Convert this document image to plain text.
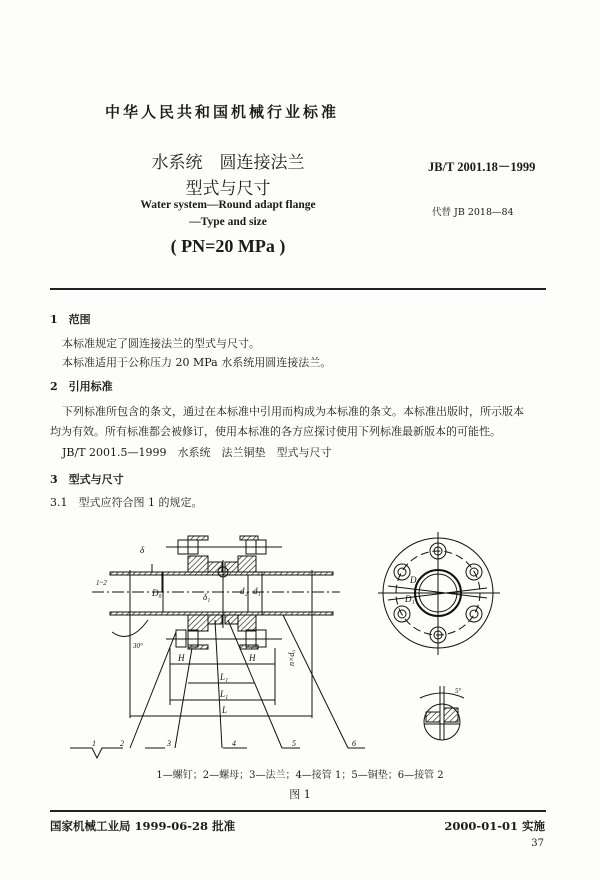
中华人民共和国机械行业标准
水系统　圆连接法兰
型式与尺寸
JB/T 2001.18－1999
代替 JB 2018—84
Water system—Round adapt flange
—Type and size
( PN=20 MPa )
1　范围
本标准规定了圆连接法兰的型式与尺寸。
本标准适用于公称压力 20 MPa 水系统用圆连接法兰。
2　引用标准
下列标准所包含的条文，通过在本标准中引用而构成为本标准的条文。本标准出版时，所示版本
均为有效。所有标准都会被修订，使用本标准的各方应探讨使用下列标准最新版本的可能性。
JB/T 2001.5—1999　水系统　法兰铜垫　型式与尺寸
3　型式与尺寸
3.1　型式应符合图 1 的规定。
δ
1~2
D₀	δ₁
d₂ d₁
30°
H	H	n×d₀
L₁
L₁
L
1	2	3	4	5	6
D
D₁
5°
1—螺钉；2—螺母；3—法兰；4—接管 1；5—铜垫；6—接管 2
图 1
国家机械工业局 1999-06-28 批准	2000-01-01 实施
37
